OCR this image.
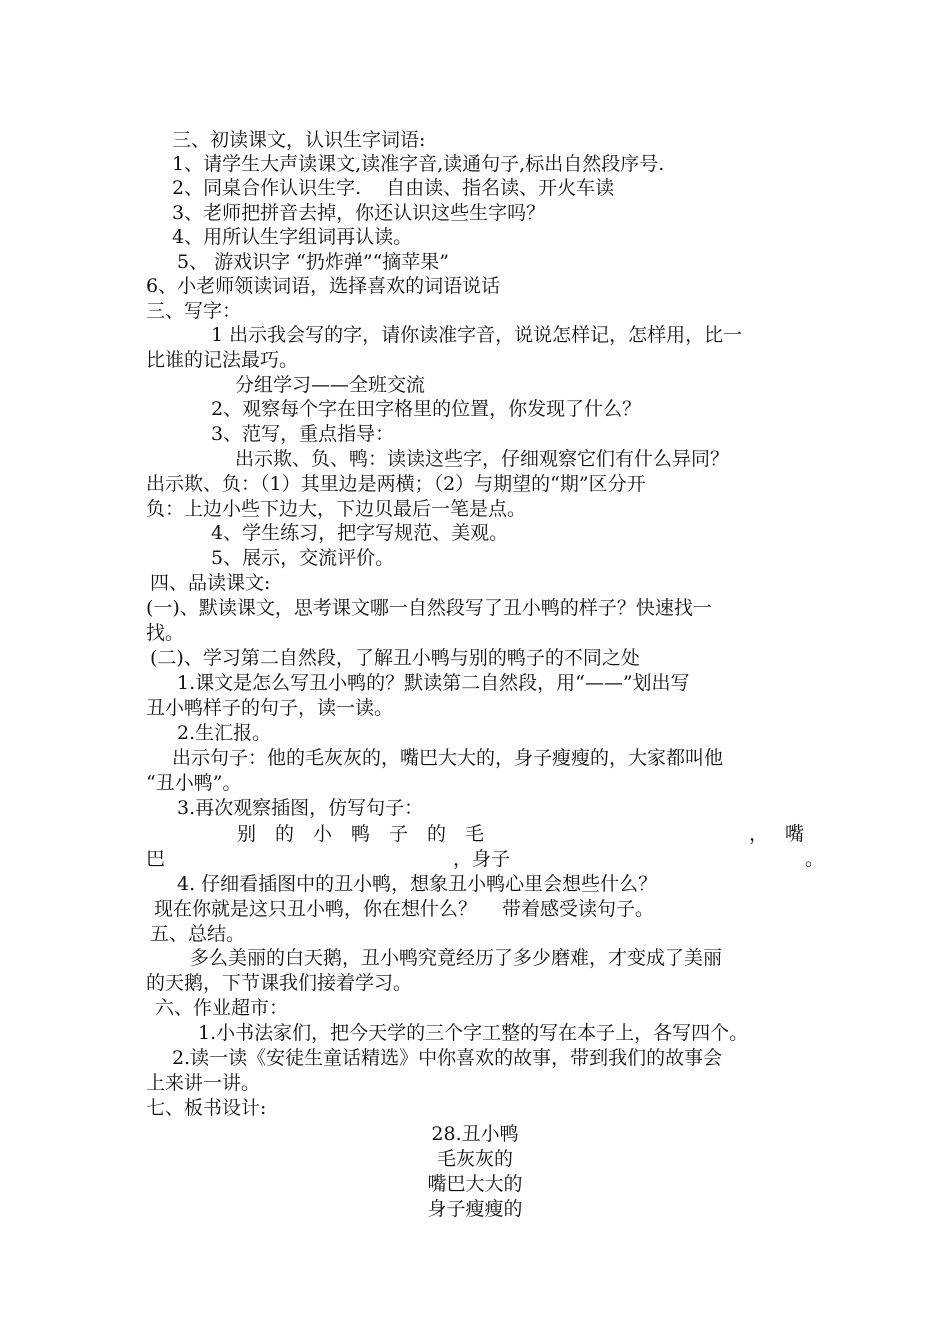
三、初读课文，认识生字词语:
1、请学生大声读课文,读准字音,读通句子,标出自然段序号.
2、同桌合作认识生字.　 自由读、指名读、开火车读
3、老师把拼音去掉，你还认识这些生字吗？
4、用所认生字组词再认读。
5、 游戏识字 “扔炸弹”“摘苹果”
6、小老师领读词语，选择喜欢的词语说话
三、写字：
1 出示我会写的字，请你读准字音，说说怎样记，怎样用，比一
比谁的记法最巧。
分组学习——全班交流
2、观察每个字在田字格里的位置，你发现了什么？
3、范写，重点指导：
出示欺、负、鸭：读读这些字，仔细观察它们有什么异同？
出示欺、负：（1）其里边是两横；（2）与期望的“期”区分开
负：上边小些下边大，下边贝最后一笔是点。
4、学生练习，把字写规范、美观。
5、展示，交流评价。
四、品读课文:
(一)、默读课文，思考课文哪一自然段写了丑小鸭的样子？快速找一
找。
(二)、学习第二自然段，了解丑小鸭与别的鸭子的不同之处
1.课文是怎么写丑小鸭的？默读第二自然段，用“——”划出写
丑小鸭样子的句子，读一读。
2.生汇报。
出示句子：他的毛灰灰的，嘴巴大大的，身子瘦瘦的，大家都叫他
“丑小鸭”。
3.再次观察插图，仿写句子：
别　的　小　鸭　子　的　毛	， 嘴
巴	，身子	。
4. 仔细看插图中的丑小鸭，想象丑小鸭心里会想些什么？
现在你就是这只丑小鸭，你在想什么？　 带着感受读句子。
五、总结。
多么美丽的白天鹅，丑小鸭究竟经历了多少磨难，才变成了美丽
的天鹅，下节课我们接着学习。
六、作业超市：
1.小书法家们，把今天学的三个字工整的写在本子上，各写四个。
2.读一读《安徒生童话精选》中你喜欢的故事，带到我们的故事会
上来讲一讲。
七、板书设计:
28.丑小鸭
毛灰灰的
嘴巴大大的
身子瘦瘦的
